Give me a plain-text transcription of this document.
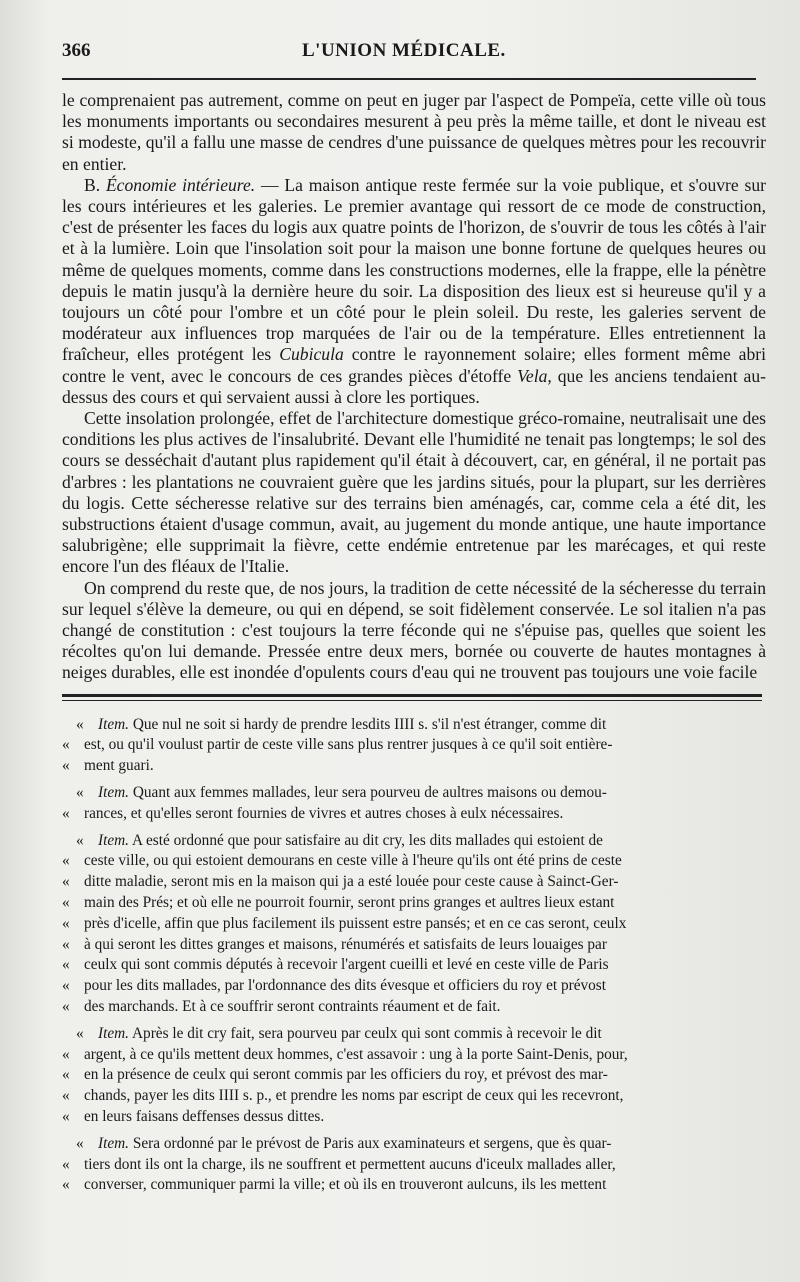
366	L'UNION MÉDICALE.

le comprenaient pas autrement, comme on peut en juger par l'aspect de Pompeïa, cette ville où tous les monuments importants ou secondaires mesurent à peu près la même taille, et dont le niveau est si modeste, qu'il a fallu une masse de cendres d'une puissance de quelques mètres pour les recouvrir en entier.

B. Économie intérieure. — La maison antique reste fermée sur la voie publique, et s'ouvre sur les cours intérieures et les galeries. Le premier avantage qui ressort de ce mode de construction, c'est de présenter les faces du logis aux quatre points de l'horizon, de s'ouvrir de tous les côtés à l'air et à la lumière. Loin que l'insolation soit pour la maison une bonne fortune de quelques heures ou même de quelques moments, comme dans les constructions modernes, elle la frappe, elle la pénètre depuis le matin jusqu'à la dernière heure du soir. La disposition des lieux est si heureuse qu'il y a toujours un côté pour l'ombre et un côté pour le plein soleil. Du reste, les galeries servent de modérateur aux influences trop marquées de l'air ou de la température. Elles entretiennent la fraîcheur, elles protégent les Cubicula contre le rayonnement solaire; elles forment même abri contre le vent, avec le concours de ces grandes pièces d'étoffe Vela, que les anciens tendaient au-dessus des cours et qui servaient aussi à clore les portiques.

Cette insolation prolongée, effet de l'architecture domestique gréco-romaine, neutralisait une des conditions les plus actives de l'insalubrité. Devant elle l'humidité ne tenait pas longtemps; le sol des cours se desséchait d'autant plus rapidement qu'il était à découvert, car, en général, il ne portait pas d'arbres : les plantations ne couvraient guère que les jardins situés, pour la plupart, sur les derrières du logis. Cette sécheresse relative sur des terrains bien aménagés, car, comme cela a été dit, les substructions étaient d'usage commun, avait, au jugement du monde antique, une haute importance salubrigène; elle supprimait la fièvre, cette endémie entretenue par les marécages, et qui reste encore l'un des fléaux de l'Italie.

On comprend du reste que, de nos jours, la tradition de cette nécessité de la sécheresse du terrain sur lequel s'élève la demeure, ou qui en dépend, se soit fidèlement conservée. Le sol italien n'a pas changé de constitution : c'est toujours la terre féconde qui ne s'épuise pas, quelles que soient les récoltes qu'on lui demande. Pressée entre deux mers, bornée ou couverte de hautes montagnes à neiges durables, elle est inondée d'opulents cours d'eau qui ne trouvent pas toujours une voie facile

« Item. Que nul ne soit si hardy de prendre lesdits IIII s. s'il n'est étranger, comme dit
« est, ou qu'il voulust partir de ceste ville sans plus rentrer jusques à ce qu'il soit entière-
« ment guari.
« Item. Quant aux femmes mallades, leur sera pourveu de aultres maisons ou demou-
« rances, et qu'elles seront fournies de vivres et autres choses à eulx nécessaires.
« Item. A esté ordonné que pour satisfaire au dit cry, les dits mallades qui estoient de
« ceste ville, ou qui estoient demourans en ceste ville à l'heure qu'ils ont été prins de ceste
« ditte maladie, seront mis en la maison qui ja a esté louée pour ceste cause à Sainct-Ger-
« main des Prés; et où elle ne pourroit fournir, seront prins granges et aultres lieux estant
« près d'icelle, affin que plus facilement ils puissent estre pansés; et en ce cas seront, ceulx
« à qui seront les dittes granges et maisons, rénumérés et satisfaits de leurs louaiges par
« ceulx qui sont commis députés à recevoir l'argent cueilli et levé en ceste ville de Paris
« pour les dits mallades, par l'ordonnance des dits évesque et officiers du roy et prévost
« des marchands. Et à ce souffrir seront contraints réaument et de fait.
« Item. Après le dit cry fait, sera pourveu par ceulx qui sont commis à recevoir le dit
« argent, à ce qu'ils mettent deux hommes, c'est assavoir : ung à la porte Saint-Denis, pour,
« en la présence de ceulx qui seront commis par les officiers du roy, et prévost des mar-
« chands, payer les dits IIII s. p., et prendre les noms par escript de ceux qui les recevront,
« en leurs faisans deffenses dessus dittes.
« Item. Sera ordonné par le prévost de Paris aux examinateurs et sergens, que ès quar-
« tiers dont ils ont la charge, ils ne souffrent et permettent aucuns d'iceulx mallades aller,
« converser, communiquer parmi la ville; et où ils en trouveront aulcuns, ils les mettent
